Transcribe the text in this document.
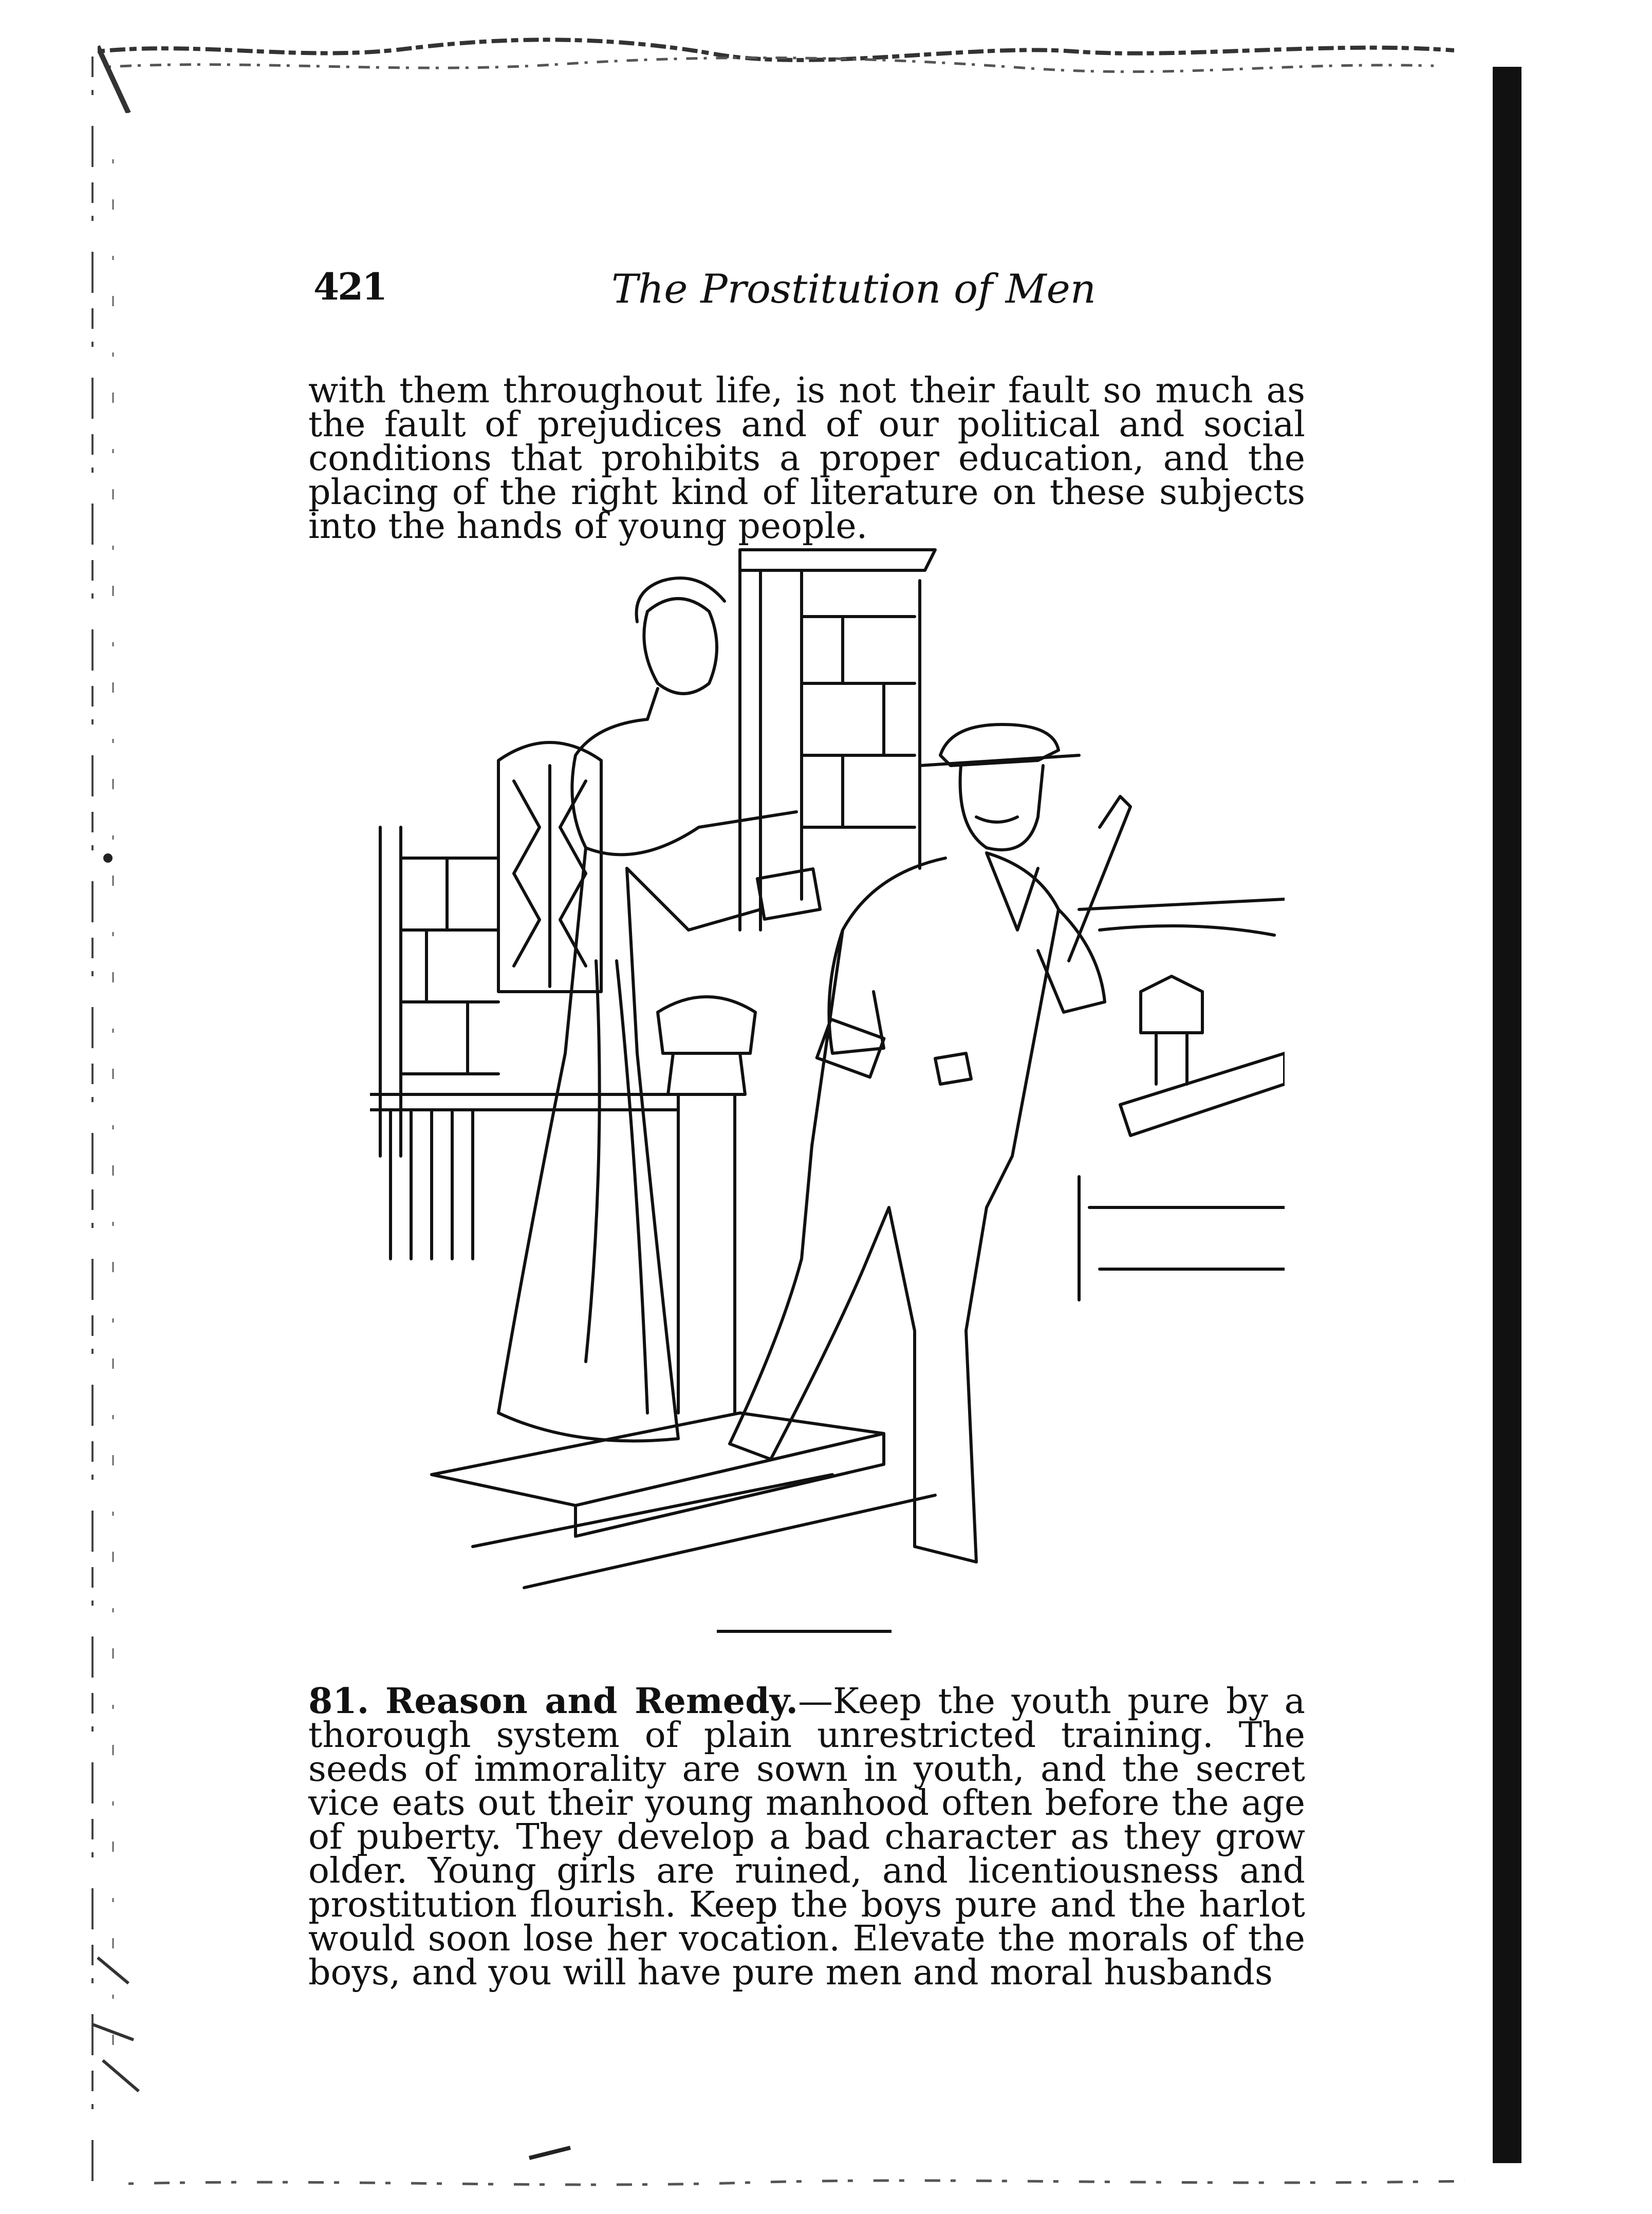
421	The Prostitution of Men

with them throughout life, is not their fault so much as the fault of prejudices and of our political and social conditions that prohibits a proper education, and the placing of the right kind of literature on these subjects into the hands of young people.

81. Reason and Remedy.—Keep the youth pure by a thorough system of plain unrestricted training. The seeds of immorality are sown in youth, and the secret vice eats out their young manhood often before the age of puberty. They develop a bad character as they grow older. Young girls are ruined, and licentiousness and prostitution flourish. Keep the boys pure and the harlot would soon lose her vocation. Elevate the morals of the boys, and you will have pure men and moral husbands
